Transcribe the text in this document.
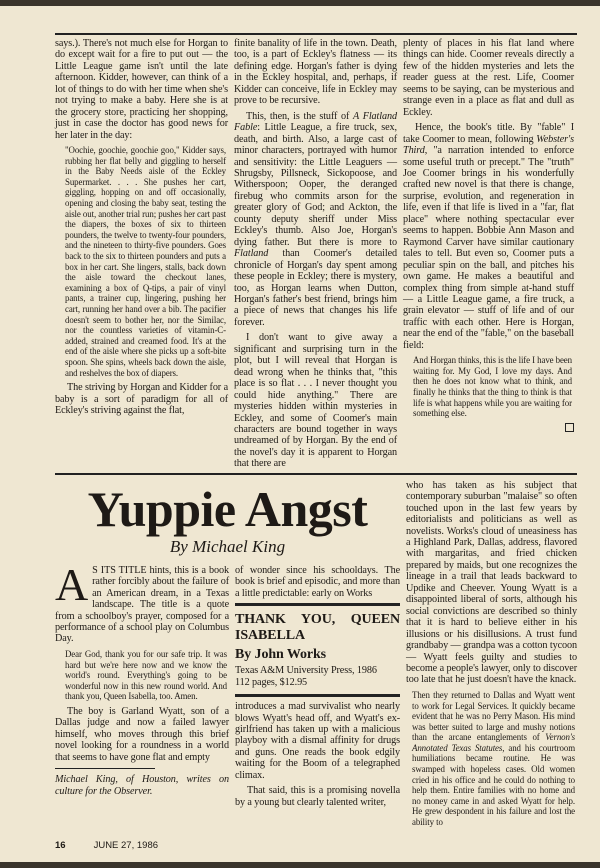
says.). There's not much else for Horgan to do except wait for a fire to put out — the Little League game isn't until the late afternoon. Kidder, however, can think of a lot of things to do with her time when she's not trying to make a baby. Here she is at the grocery store, practicing her shopping, just in case the doctor has good news for her later in the day:

"Oochie, goochie, goochie goo," Kidder says, rubbing her flat belly and giggling to herself in the Baby Needs aisle of the Eckley Supermarket. . . . She pushes her cart, giggling, hopping on and off occasionally, opening and closing the baby seat, testing the aisle out, another trial run; pushes her cart past the diapers, the boxes of six to thirteen pounders, the twelve to twenty-four pounders, and the nineteen to thirty-five pounders. Goes back to the six to thirteen pounders and puts a box in her cart. She lingers, stalls, back down the aisle toward the checkout lanes, examining a box of Q-tips, a pair of vinyl pants, a trainer cup, lingering, pushing her cart, running her hand over a bib. The pacifier doesn't seem to bother her, nor the Similac, nor the countless varieties of vitamin-C-added, strained and creamed food. It's at the end of the aisle where she picks up a soft-bite spoon. She spins, wheels back down the aisle, and reshelves the box of diapers.

The striving by Horgan and Kidder for a baby is a sort of paradigm for all of Eckley's striving against the flat,

finite banality of life in the town. Death, too, is a part of Eckley's flatness — its defining edge. Horgan's father is dying in the Eckley hospital, and, perhaps, if Kidder can conceive, life in Eckley may prove to be recursive.

This, then, is the stuff of A Flatland Fable: Little League, a fire truck, sex, death, and birth. Also, a large cast of minor characters, portrayed with humor and sensitivity: the Little Leaguers — Shrugsby, Pillsneck, Sickopoose, and Witherspoon; Ooper, the deranged firebug who commits arson for the greater glory of God; and Ackton, the county deputy sheriff under Miss Eckley's thumb. Also Joe, Horgan's dying father. But there is more to Flatland than Coomer's detailed chronicle of Horgan's day spent among these people in Eckley; there is mystery, too, as Horgan learns when Dutton, Horgan's father's best friend, brings him a piece of news that changes his life forever.

I don't want to give away a significant and surprising turn in the plot, but I will reveal that Horgan is dead wrong when he thinks that, "this place is so flat . . . I never thought you could hide anything." There are mysteries hidden within mysteries in Eckley, and some of Coomer's main characters are bound together in ways undreamed of by Horgan. By the end of the novel's day it is apparent to Horgan that there are

plenty of places in his flat land where things can hide. Coomer reveals directly a few of the hidden mysteries and lets the reader guess at the rest. Life, Coomer seems to be saying, can be mysterious and strange even in a place as flat and dull as Eckley.

Hence, the book's title. By "fable" I take Coomer to mean, following Webster's Third, "a narration intended to enforce some useful truth or precept." The "truth" Joe Coomer brings in his wonderfully crafted new novel is that there is change, surprise, evolution, and regeneration in life, even if that life is lived in a "far, flat place" where nothing spectacular ever seems to happen. Bobbie Ann Mason and Raymond Carver have similar cautionary tales to tell. But even so, Coomer puts a peculiar spin on the ball, and pitches his own game. He makes a beautiful and complex thing from simple at-hand stuff — a Little League game, a fire truck, a grain elevator — stuff of life and of our traffic with each other. Here is Horgan, near the end of the "fable," on the baseball field:

And Horgan thinks, this is the life I have been waiting for. My God, I love my days. And then he does not know what to think, and finally he thinks that the thing to think is that life is what happens while you are waiting for something else.

Yuppie Angst
By Michael King

A S ITS TITLE hints, this is a book rather forcibly about the failure of an American dream, in a Texas landscape. The title is a quote from a schoolboy's prayer, composed for a performance of a school play on Columbus Day.

Dear God, thank you for our safe trip. It was hard but we're here now and we know the world's round. Everything's going to be wonderful now in this new round world. And thank you, Queen Isabella, too. Amen.

The boy is Garland Wyatt, son of a Dallas judge and now a failed lawyer himself, who moves through this brief novel looking for a roundness in a world that seems to have gone flat and empty

Michael King, of Houston, writes on culture for the Observer.

of wonder since his schooldays. The book is brief and episodic, and more than a little predictable: early on Works

THANK YOU, QUEEN ISABELLA
By John Works
Texas A&M University Press, 1986
112 pages, $12.95

introduces a mad survivalist who nearly blows Wyatt's head off, and Wyatt's ex-girlfriend has taken up with a malicious playboy with a dismal affinity for drugs and guns. One reads the book edgily waiting for the Boom of a telegraphed climax.

That said, this is a promising novella by a young but clearly talented writer,

who has taken as his subject that contemporary suburban "malaise" so often touched upon in the last few years by editorialists and politicians as well as novelists. Works's cloud of uneasiness has a Highland Park, Dallas, address, flavored with margaritas, and fried chicken prepared by maids, but one recognizes the lineage in a trail that leads backward to Updike and Cheever. Young Wyatt is a disappointed liberal of sorts, although his social convictions are described so thinly that it is hard to believe either in his illusions or his disillusions. A trust fund grandbaby — grandpa was a cotton tycoon — Wyatt feels guilty and studies to become a people's lawyer, only to discover too late that he just doesn't have the knack.

Then they returned to Dallas and Wyatt went to work for Legal Services. It quickly became evident that he was no Perry Mason. His mind was better suited to large and mushy notions than the arcane entanglements of Vernon's Annotated Texas Statutes, and his courtroom humiliations became routine. He was swamped with hopeless cases. Old women cried in his office and he could do nothing to help them. Entire families with no home and no money came in and asked Wyatt for help. He grew despondent in his failure and lost the ability to

16	JUNE 27, 1986
